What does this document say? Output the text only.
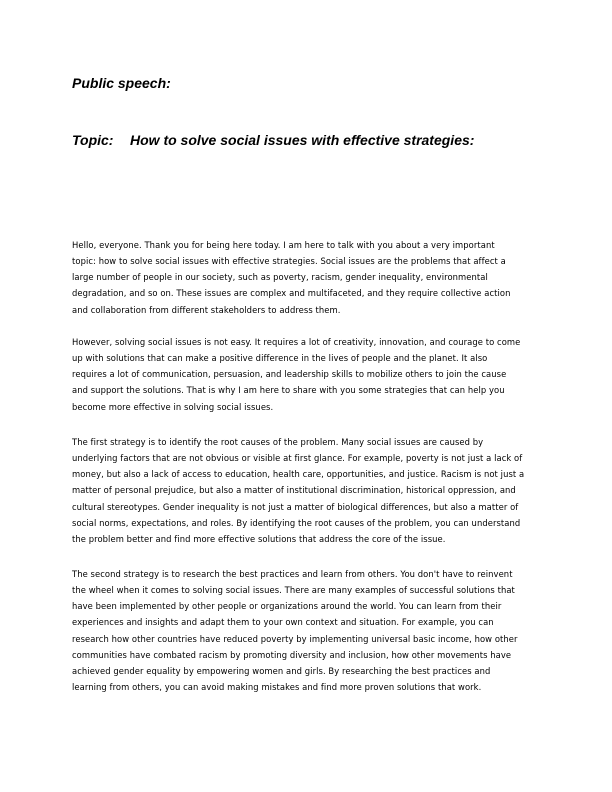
Public speech:
Topic: How to solve social issues with effective strategies:
Hello, everyone. Thank you for being here today. I am here to talk with you about a very important
topic: how to solve social issues with effective strategies. Social issues are the problems that affect a
large number of people in our society, such as poverty, racism, gender inequality, environmental
degradation, and so on. These issues are complex and multifaceted, and they require collective action
and collaboration from different stakeholders to address them.
However, solving social issues is not easy. It requires a lot of creativity, innovation, and courage to come
up with solutions that can make a positive difference in the lives of people and the planet. It also
requires a lot of communication, persuasion, and leadership skills to mobilize others to join the cause
and support the solutions. That is why I am here to share with you some strategies that can help you
become more effective in solving social issues.
The first strategy is to identify the root causes of the problem. Many social issues are caused by
underlying factors that are not obvious or visible at first glance. For example, poverty is not just a lack of
money, but also a lack of access to education, health care, opportunities, and justice. Racism is not just a
matter of personal prejudice, but also a matter of institutional discrimination, historical oppression, and
cultural stereotypes. Gender inequality is not just a matter of biological differences, but also a matter of
social norms, expectations, and roles. By identifying the root causes of the problem, you can understand
the problem better and find more effective solutions that address the core of the issue.
The second strategy is to research the best practices and learn from others. You don't have to reinvent
the wheel when it comes to solving social issues. There are many examples of successful solutions that
have been implemented by other people or organizations around the world. You can learn from their
experiences and insights and adapt them to your own context and situation. For example, you can
research how other countries have reduced poverty by implementing universal basic income, how other
communities have combated racism by promoting diversity and inclusion, how other movements have
achieved gender equality by empowering women and girls. By researching the best practices and
learning from others, you can avoid making mistakes and find more proven solutions that work.
